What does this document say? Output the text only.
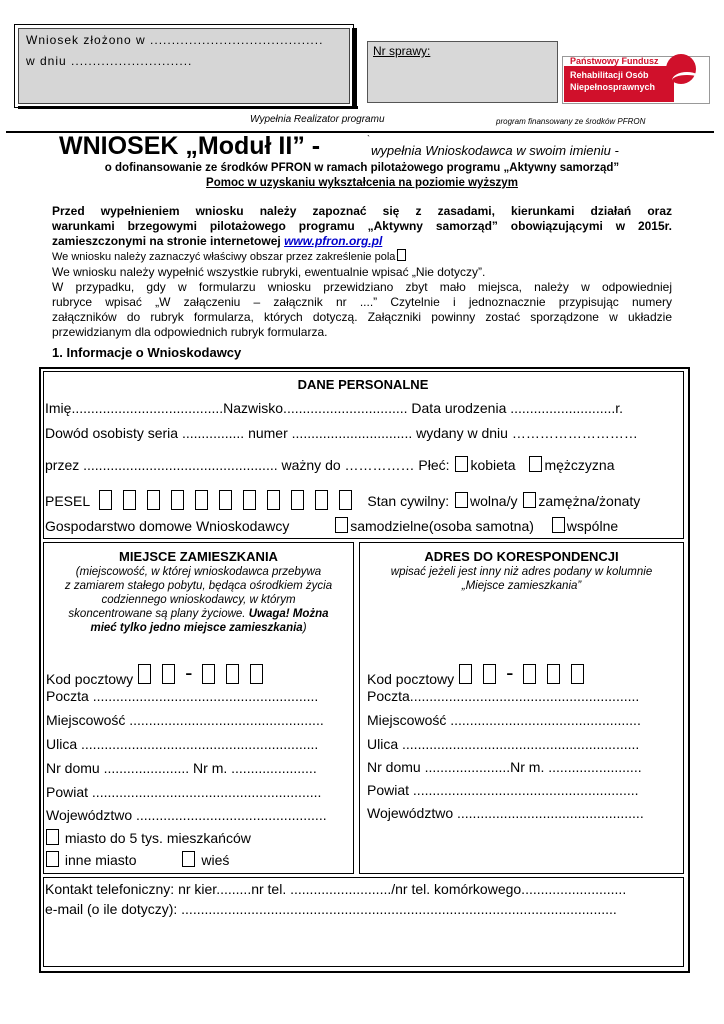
Wniosek złożono w ........................................
w dniu ............................
Nr sprawy:
Państwowy Fundusz
Rehabilitacji Osób
Niepełnosprawnych
Wypełnia Realizator programu	program finansowany ze środków PFRON
WNIOSEK „Moduł II” -	`
wypełnia Wnioskodawca w swoim imieniu -
o dofinansowanie ze środków PFRON w ramach pilotażowego programu „Aktywny samorząd”
Pomoc w uzyskaniu wykształcenia na poziomie wyższym
Przed wypełnieniem wniosku należy zapoznać się z zasadami, kierunkami działań oraz
warunkami brzegowymi pilotażowego programu „Aktywny samorząd” obowiązującymi w 2015r.
zamieszczonymi na stronie internetowej www.pfron.org.pl
We wniosku należy zaznaczyć właściwy obszar przez zakreślenie pola
We wniosku należy wypełnić wszystkie rubryki, ewentualnie wpisać „Nie dotyczy”.
W przypadku, gdy w formularzu wniosku przewidziano zbyt mało miejsca, należy w odpowiedniej
rubryce wpisać „W załączeniu – załącznik nr ....” Czytelnie i jednoznacznie przypisując numery
załączników do rubryk formularza, których dotyczą. Załączniki powinny zostać sporządzone w układzie
przewidzianym dla odpowiednich rubryk formularza.
1. Informacje o Wnioskodawcy
DANE PERSONALNE
Imię.......................................Nazwisko................................ Data urodzenia ...........................r.
Dowód osobisty seria ................ numer ............................... wydany w dniu ………………………
przez .................................................. ważny do …………… Płeć: kobieta mężczyzna
PESEL	Stan cywilny: wolna/y zamężna/żonaty
Gospodarstwo domowe Wnioskodawcy	samodzielne(osoba samotna) wspólne
MIEJSCE ZAMIESZKANIA
(miejscowość, w której wnioskodawca przebywa
z zamiarem stałego pobytu, będąca ośrodkiem życia
codziennego wnioskodawcy, w którym
skoncentrowane są plany życiowe. Uwaga! Można
mieć tylko jedno miejsce zamieszkania)
Kod pocztowy -
Poczta ..........................................................
Miejscowość ..................................................
Ulica .............................................................
Nr domu ...................... Nr m. ......................
Powiat ...........................................................
Województwo .................................................
miasto do 5 tys. mieszkańców
inne miasto	wieś
ADRES DO KORESPONDENCJI
wpisać jeżeli jest inny niż adres podany w kolumnie
„Miejsce zamieszkania”
Kod pocztowy -
Poczta...........................................................
Miejscowość .................................................
Ulica .............................................................
Nr domu ......................Nr m. ........................
Powiat ..........................................................
Województwo ................................................
Kontakt telefoniczny: nr kier.........nr tel. ........................../nr tel. komórkowego...........................
e-mail (o ile dotyczy): ................................................................................................................
